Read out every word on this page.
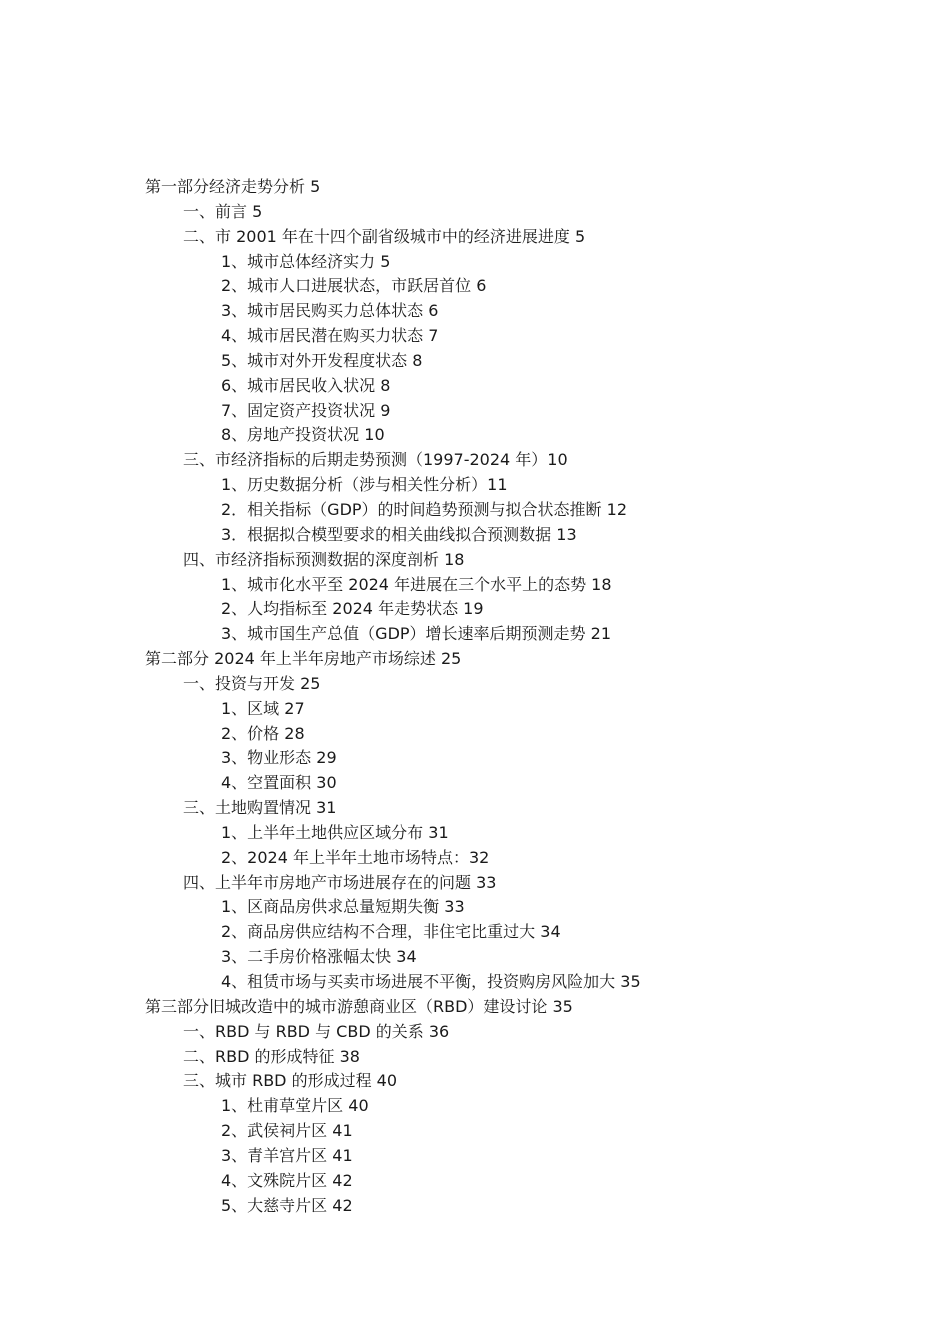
第一部分经济走势分析 5
一、前言 5
二、市 2001 年在十四个副省级城市中的经济进展进度 5
1、城市总体经济实力 5
2、城市人口进展状态，市跃居首位 6
3、城市居民购买力总体状态 6
4、城市居民潜在购买力状态 7
5、城市对外开发程度状态 8
6、城市居民收入状况 8
7、固定资产投资状况 9
8、房地产投资状况 10
三、市经济指标的后期走势预测（1997-2024 年）10
1、历史数据分析（涉与相关性分析）11
2．相关指标（GDP）的时间趋势预测与拟合状态推断 12
3．根据拟合模型要求的相关曲线拟合预测数据 13
四、市经济指标预测数据的深度剖析 18
1、城市化水平至 2024 年进展在三个水平上的态势 18
2、人均指标至 2024 年走势状态 19
3、城市国生产总值（GDP）增长速率后期预测走势 21
第二部分 2024 年上半年房地产市场综述 25
一、投资与开发 25
1、区域 27
2、价格 28
3、物业形态 29
4、空置面积 30
三、土地购置情况 31
1、上半年土地供应区域分布 31
2、2024 年上半年土地市场特点：32
四、上半年市房地产市场进展存在的问题 33
1、区商品房供求总量短期失衡 33
2、商品房供应结构不合理，非住宅比重过大 34
3、二手房价格涨幅太快 34
4、租赁市场与买卖市场进展不平衡，投资购房风险加大 35
第三部分旧城改造中的城市游憩商业区（RBD）建设讨论 35
一、RBD 与 RBD 与 CBD 的关系 36
二、RBD 的形成特征 38
三、城市 RBD 的形成过程 40
1、杜甫草堂片区 40
2、武侯祠片区 41
3、青羊宫片区 41
4、文殊院片区 42
5、大慈寺片区 42
